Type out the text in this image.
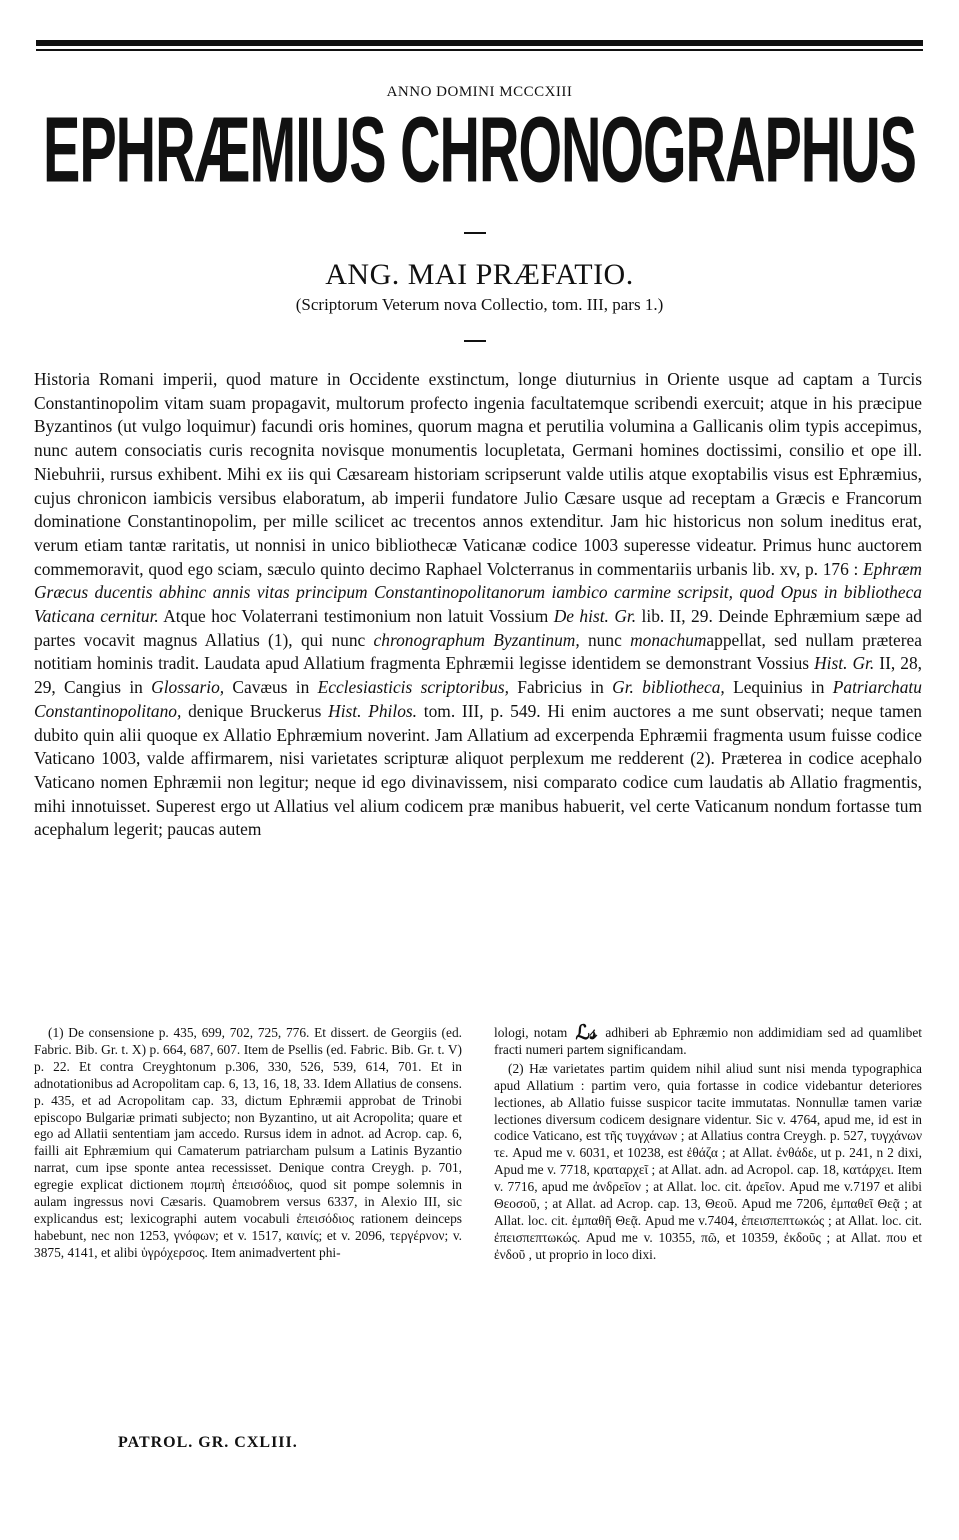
ANNO DOMINI MCCCXIII
EPHRÆMIUS CHRONOGRAPHUS
ANG. MAI PRÆFATIO.
(Scriptorum Veterum nova Collectio, tom. III, pars 1.)

Historia Romani imperii, quod mature in Occidente exstinctum, longe diuturnius in Oriente usque ad captam a Turcis Constantinopolim vitam suam propagavit, multorum profecto ingenia facultatemque scribendi exercuit; atque in his præcipue Byzantinos (ut vulgo loquimur) facundi oris homines, quorum magna et perutilia volumina a Gallicanis olim typis accepimus, nunc autem consociatis curis recognita novisque monumentis locupletata, Germani homines doctissimi, consilio et ope ill. Niebuhrii, rursus exhibent. Mihi ex iis qui Cæsaream historiam scripserunt valde utilis atque exoptabilis visus est Ephræmius, cujus chronicon iambicis versibus elaboratum, ab imperii fundatore Julio Cæsare usque ad receptam a Græcis e Francorum dominatione Constantinopolim, per mille scilicet ac trecentos annos extenditur. Jam hic historicus non solum ineditus erat, verum etiam tantæ raritatis, ut nonnisi in unico bibliothecæ Vaticanæ codice 1003 superesse videatur. Primus hunc auctorem commemoravit, quod ego sciam, sæculo quinto decimo Raphael Volcterranus in commentariis urbanis lib. xv, p. 176 : Ephræm Græcus ducentis abhinc annis vitas principum Constantinopolitanorum iambico carmine scripsit, quod Opus in bibliotheca Vaticana cernitur. Atque hoc Volaterrani testimonium non latuit Vossium De hist. Gr. lib. II, 29. Deinde Ephræmium sæpe ad partes vocavit magnus Allatius (1), qui nunc chronographum Byzantinum, nunc monachumappellat, sed nullam præterea notitiam hominis tradit. Laudata apud Allatium fragmenta Ephræmii legisse identidem se demonstrant Vossius Hist. Gr. II, 28, 29, Cangius in Glossario, Cavæus in Ecclesiasticis scriptoribus, Fabricius in Gr. bibliotheca, Lequinius in Patriarchatu Constantinopolitano, denique Bruckerus Hist. Philos. tom. III, p. 549. Hi enim auctores a me sunt observati; neque tamen dubito quin alii quoque ex Allatio Ephræmium noverint. Jam Allatium ad excerpenda Ephræmii fragmenta usum fuisse codice Vaticano 1003, valde affirmarem, nisi varietates scripturæ aliquot perplexum me redderent (2). Præterea in codice acephalo Vaticano nomen Ephræmii non legitur; neque id ego divinavissem, nisi comparato codice cum laudatis ab Allatio fragmentis, mihi innotuisset. Superest ergo ut Allatius vel alium codicem præ manibus habuerit, vel certe Vaticanum nondum fortasse tum acephalum legerit; paucas autem

(1) De consensione p. 435, 699, 702, 725, 776. Et dissert. de Georgiis (ed. Fabric. Bib. Gr. t. X) p. 664, 687, 607. Item de Psellis (ed. Fabric. Bib. Gr. t. V) p. 22. Et contra Creyghtonum p.306, 330, 526, 539, 614, 701. Et in adnotationibus ad Acropolitam cap. 6, 13, 16, 18, 33. Idem Allatius de consens. p. 435, et ad Acropolitam cap. 33, dictum Ephræmii approbat de Trinobi episcopo Bulgariæ primati subjecto; non Byzantino, ut ait Acropolita; quare et ego ad Allatii sententiam jam accedo. Rursus idem in adnot. ad Acrop. cap. 6, failli ait Ephræmium qui Camaterum patriarcham pulsum a Latinis Byzantio narrat, cum ipse sponte antea recessisset. Denique contra Creygh. p. 701, egregie explicat dictionem πομπὴ ἐπεισόδιος, quod sit pompe solemnis in aulam ingressus novi Cæsaris. Quamobrem versus 6337, in Alexio III, sic explicandus est; lexicographi autem vocabuli ἐπεισόδιος rationem deinceps habebunt, nec non 1253, γνόφων; et v. 1517, καινίς; et v. 2096, τεργέρνον; v. 3875, 4141, et alibi ὑγρόχερσος. Item animadvertent phi-

lologi, notam ℒ𝓈 adhiberi ab Ephræmio non addimidiam sed ad quamlibet fracti numeri partem significandam.

(2) Hæ varietates partim quidem nihil aliud sunt nisi menda typographica apud Allatium : partim vero, quia fortasse in codice videbantur deteriores lectiones, ab Allatio fuisse suspicor tacite immutatas. Nonnullæ tamen variæ lectiones diversum codicem designare videntur. Sic v. 4764, apud me, id est in codice Vaticano, est τῆς τυγχάνων ; at Allatius contra Creygh. p. 527, τυγχάνων τε. Apud me v. 6031, et 10238, est ἐθάζα ; at Allat. ἐνθάδε, ut p. 241, n 2 dixi, Apud me v. 7718, κραταρχεῖ ; at Allat. adn. ad Acropol. cap. 18, κατάρχει. Item v. 7716, apud me ἀνδρεῖον ; at Allat. loc. cit. ἀρεῖον. Apud me v.7197 et alibi Θεοσοῦ, ; at Allat. ad Acrop. cap. 13, Θεοῦ. Apud me 7206, ἐμπαθεῖ Θεᾷ ; at Allat. loc. cit. ἐμπαθῆ Θεᾷ. Apud me v.7404, ἐπεισπεπτωκώς ; at Allat. loc. cit. ἐπεισπεπτωκώς. Apud me v. 10355, πῶ, et 10359, ἐκδοῦς ; at Allat. που et ἐνδοῦ , ut proprio in loco dixi.

PATROL. GR. CXLIII.
